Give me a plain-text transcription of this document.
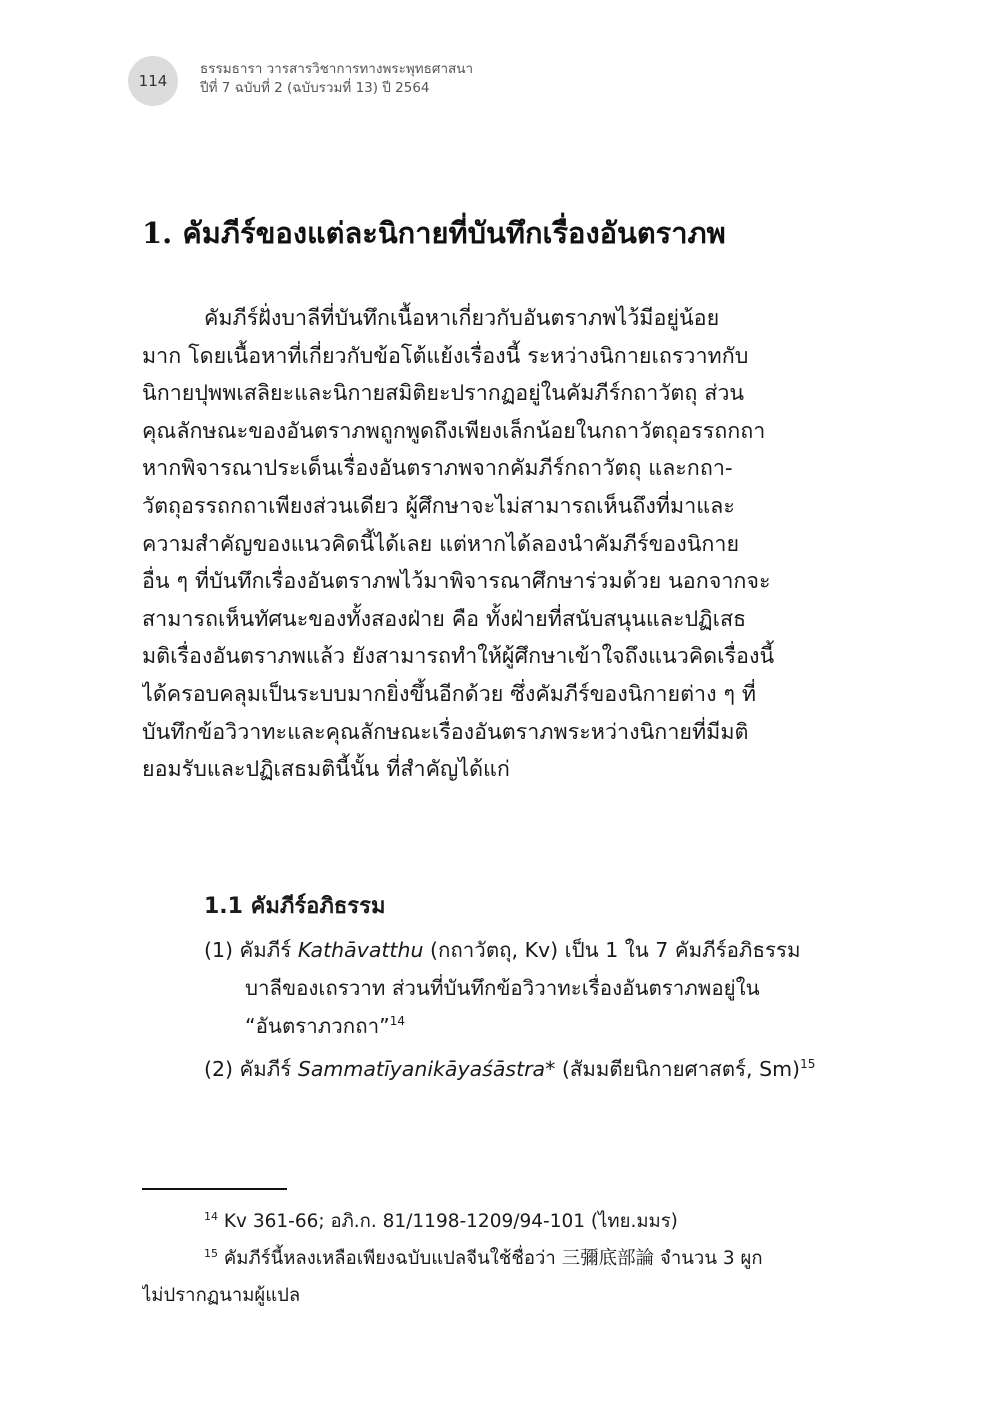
114
ธรรมธารา วารสารวิชาการทางพระพุทธศาสนา
ปีที่ 7 ฉบับที่ 2 (ฉบับรวมที่ 13) ปี 2564
1. คัมภีร์ของแต่ละนิกายที่บันทึกเรื่องอันตราภพ
คัมภีร์ฝั่งบาลีที่บันทึกเนื้อหาเกี่ยวกับอันตราภพไว้มีอยู่น้อย
มาก โดยเนื้อหาที่เกี่ยวกับข้อโต้แย้งเรื่องนี้ ระหว่างนิกายเถรวาทกับ
นิกายปุพพเสลิยะและนิกายสมิติยะปรากฏอยู่ในคัมภีร์กถาวัตถุ ส่วน
คุณลักษณะของอันตราภพถูกพูดถึงเพียงเล็กน้อยในกถาวัตถุอรรถกถา
หากพิจารณาประเด็นเรื่องอันตราภพจากคัมภีร์กถาวัตถุ และกถา-
วัตถุอรรถกถาเพียงส่วนเดียว ผู้ศึกษาจะไม่สามารถเห็นถึงที่มาและ
ความสำคัญของแนวคิดนี้ได้เลย แต่หากได้ลองนำคัมภีร์ของนิกาย
อื่น ๆ ที่บันทึกเรื่องอันตราภพไว้มาพิจารณาศึกษาร่วมด้วย นอกจากจะ
สามารถเห็นทัศนะของทั้งสองฝ่าย คือ ทั้งฝ่ายที่สนับสนุนและปฏิเสธ
มติเรื่องอันตราภพแล้ว ยังสามารถทำให้ผู้ศึกษาเข้าใจถึงแนวคิดเรื่องนี้
ได้ครอบคลุมเป็นระบบมากยิ่งขึ้นอีกด้วย ซึ่งคัมภีร์ของนิกายต่าง ๆ ที่
บันทึกข้อวิวาทะและคุณลักษณะเรื่องอันตราภพระหว่างนิกายที่มีมติ
ยอมรับและปฏิเสธมตินี้นั้น ที่สำคัญได้แก่
1.1 คัมภีร์อภิธรรม
(1) คัมภีร์ Kathāvatthu (กถาวัตถุ, Kv) เป็น 1 ใน 7 คัมภีร์อภิธรรม
บาลีของเถรวาท ส่วนที่บันทึกข้อวิวาทะเรื่องอันตราภพอยู่ใน
“อันตราภวกถา”$^{14}$
(2) คัมภีร์ Sammatīyanikāyaśāstra* (สัมมตียนิกายศาสตร์, Sm)$^{15}$
$^{14}$ Kv 361-66; อภิ.ก. 81/1198-1209/94-101 (ไทย.มมร)
$^{15}$ คัมภีร์นี้หลงเหลือเพียงฉบับแปลจีนใช้ชื่อว่า 三彌底部論 จำนวน 3 ผูก
ไม่ปรากฏนามผู้แปล
